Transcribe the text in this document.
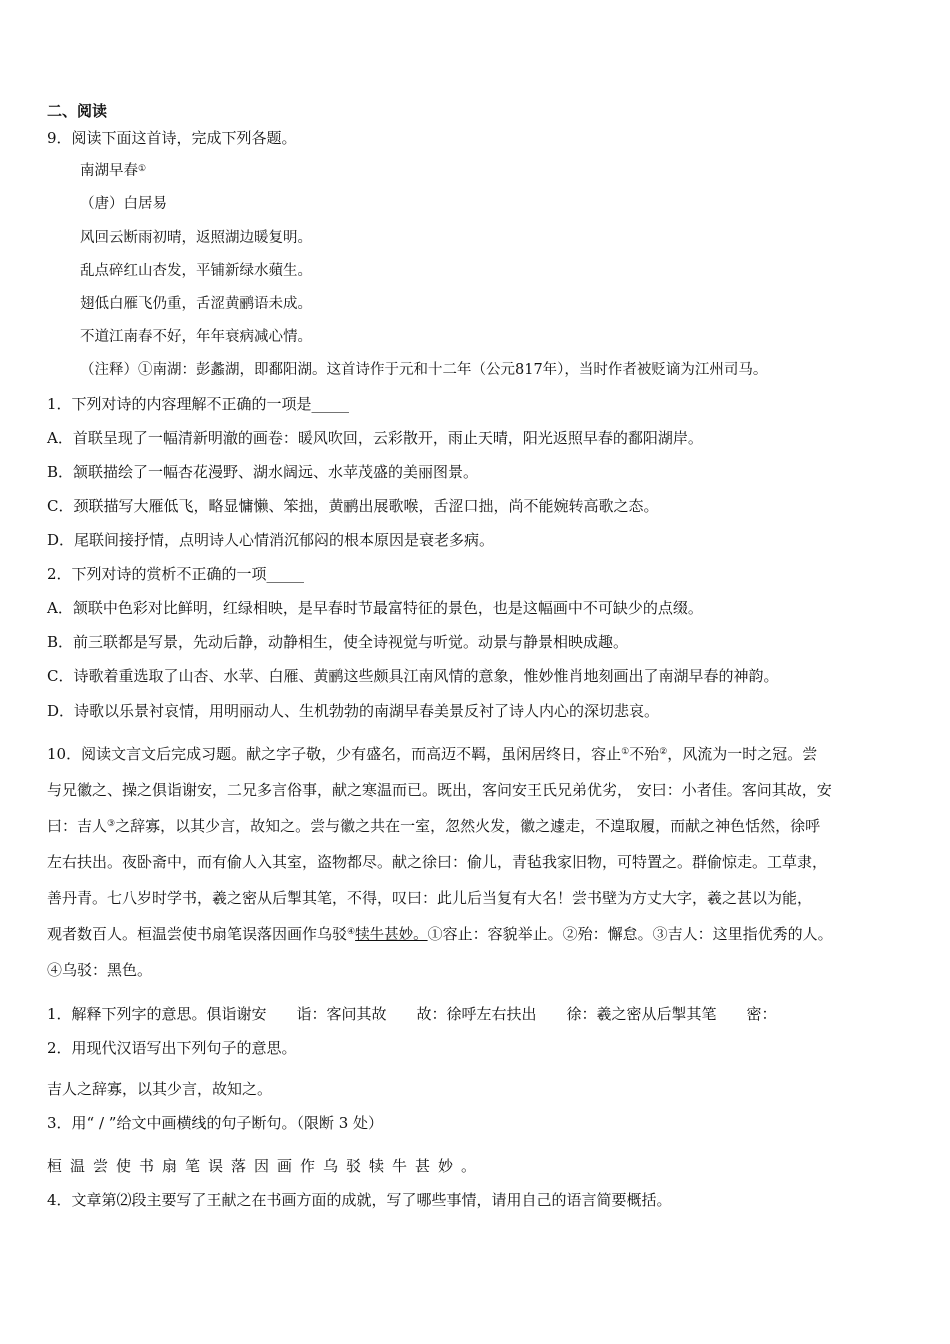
二、阅读
9．阅读下面这首诗，完成下列各题。
南湖早春①
（唐）白居易
风回云断雨初晴，返照湖边暖复明。
乱点碎红山杏发，平铺新绿水蘋生。
翅低白雁飞仍重，舌涩黄鹂语未成。
不道江南春不好，年年衰病减心情。
（注释）①南湖：彭蠡湖，即鄱阳湖。这首诗作于元和十二年（公元817年），当时作者被贬谪为江州司马。
1．下列对诗的内容理解不正确的一项是_____
A．首联呈现了一幅清新明澈的画卷：暖风吹回，云彩散开，雨止天晴，阳光返照早春的鄱阳湖岸。
B．颔联描绘了一幅杏花漫野、湖水阔远、水苹茂盛的美丽图景。
C．颈联描写大雁低飞，略显慵懒、笨拙，黄鹂出展歌喉，舌涩口拙，尚不能婉转高歌之态。
D．尾联间接抒情，点明诗人心情消沉郁闷的根本原因是衰老多病。
2．下列对诗的赏析不正确的一项_____
A．颔联中色彩对比鲜明，红绿相映，是早春时节最富特征的景色，也是这幅画中不可缺少的点缀。
B．前三联都是写景，先动后静，动静相生，使全诗视觉与听觉。动景与静景相映成趣。
C．诗歌着重选取了山杏、水苹、白雁、黄鹂这些颇具江南风情的意象，惟妙惟肖地刻画出了南湖早春的神韵。
D．诗歌以乐景衬哀情，用明丽动人、生机勃勃的南湖早春美景反衬了诗人内心的深切悲哀。
10．阅读文言文后完成习题。献之字子敬，少有盛名，而高迈不羁，虽闲居终日，容止①不殆②，风流为一时之冠。尝
与兄徽之、操之俱诣谢安，二兄多言俗事，献之寒温而已。既出，客问安王氏兄弟优劣， 安曰：小者佳。客问其故，安
曰：吉人③之辞寡，以其少言，故知之。尝与徽之共在一室，忽然火发，徽之遽走，不遑取履，而献之神色恬然，徐呼
左右扶出。夜卧斋中，而有偷人入其室，盗物都尽。献之徐曰：偷儿，青毡我家旧物，可特置之。群偷惊走。工草隶，
善丹青。七八岁时学书，羲之密从后掣其笔，不得，叹曰：此儿后当复有大名！尝书壁为方丈大字，羲之甚以为能，
观者数百人。桓温尝使书扇笔误落因画作乌驳④犊牛甚妙。①容止：容貌举止。②殆：懈怠。③吉人：这里指优秀的人。
④乌驳：黑色。
1．解释下列字的意思。俱诣谢安　　诣：客问其故　　故：徐呼左右扶出　　徐：羲之密从后掣其笔　　密：
2．用现代汉语写出下列句子的意思。
吉人之辞寡，以其少言，故知之。
3．用“ / ”给文中画横线的句子断句。（限断 3 处）
桓温尝使书扇笔误落因画作乌驳犊牛甚妙。
4．文章第⑵段主要写了王献之在书画方面的成就，写了哪些事情，请用自己的语言简要概括。
